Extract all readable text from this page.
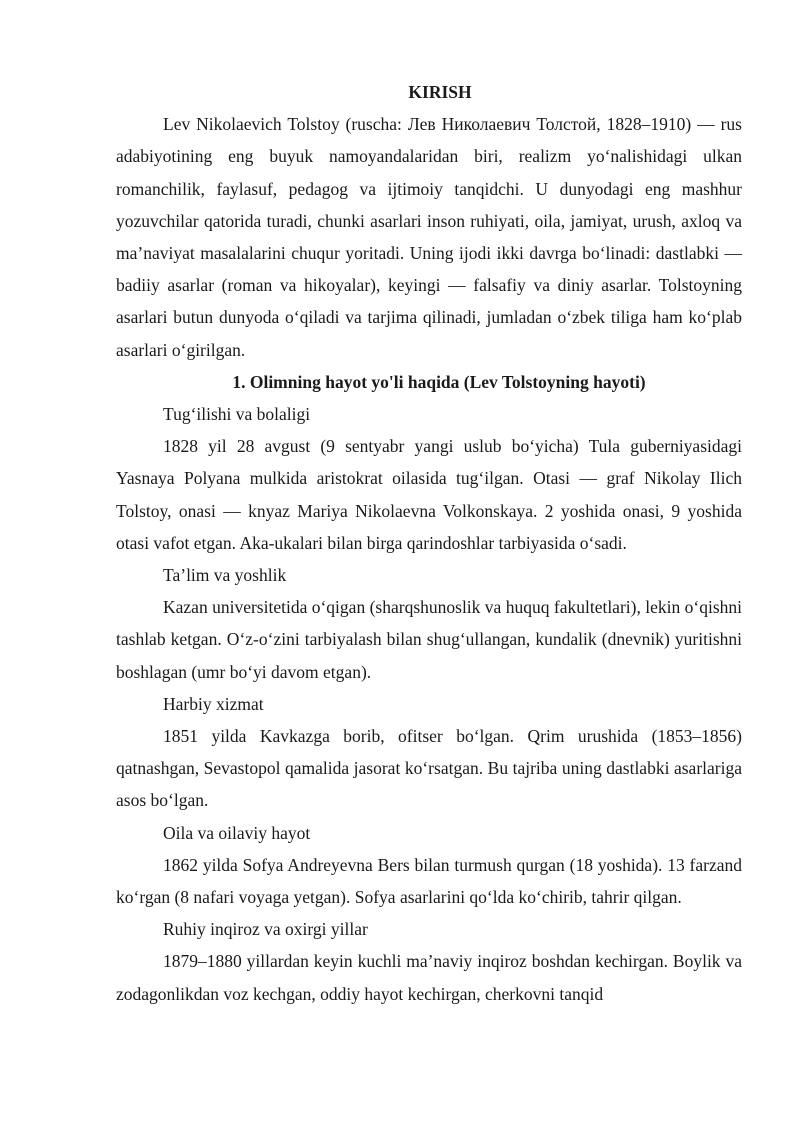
KIRISH

Lev Nikolaevich Tolstoy (ruscha: Лев Николаевич Толстой, 1828–1910) — rus adabiyotining eng buyuk namoyandalaridan biri, realizm yo‘nalishidagi ulkan romanchilik, faylasuf, pedagog va ijtimoiy tanqidchi. U dunyodagi eng mashhur yozuvchilar qatorida turadi, chunki asarlari inson ruhiyati, oila, jamiyat, urush, axloq va ma’naviyat masalalarini chuqur yoritadi. Uning ijodi ikki davrga bo‘linadi: dastlabki — badiiy asarlar (roman va hikoyalar), keyingi — falsafiy va diniy asarlar. Tolstoyning asarlari butun dunyoda o‘qiladi va tarjima qilinadi, jumladan o‘zbek tiliga ham ko‘plab asarlari o‘girilgan.

1. Olimning hayot yo'li haqida (Lev Tolstoyning hayoti)

Tug‘ilishi va bolaligi

1828 yil 28 avgust (9 sentyabr yangi uslub bo‘yicha) Tula guberniyasidagi Yasnaya Polyana mulkida aristokrat oilasida tug‘ilgan. Otasi — graf Nikolay Ilich Tolstoy, onasi — knyaz Mariya Nikolaevna Volkonskaya. 2 yoshida onasi, 9 yoshida otasi vafot etgan. Aka-ukalari bilan birga qarindoshlar tarbiyasida o‘sadi.

Ta’lim va yoshlik

Kazan universitetida o‘qigan (sharqshunoslik va huquq fakultetlari), lekin o‘qishni tashlab ketgan. O‘z-o‘zini tarbiyalash bilan shug‘ullangan, kundalik (dnevnik) yuritishni boshlagan (umr bo‘yi davom etgan).

Harbiy xizmat

1851 yilda Kavkazga borib, ofitser bo‘lgan. Qrim urushida (1853–1856) qatnashgan, Sevastopol qamalida jasorat ko‘rsatgan. Bu tajriba uning dastlabki asarlariga asos bo‘lgan.

Oila va oilaviy hayot

1862 yilda Sofya Andreyevna Bers bilan turmush qurgan (18 yoshida). 13 farzand ko‘rgan (8 nafari voyaga yetgan). Sofya asarlarini qo‘lda ko‘chirib, tahrir qilgan.

Ruhiy inqiroz va oxirgi yillar

1879–1880 yillardan keyin kuchli ma’naviy inqiroz boshdan kechirgan. Boylik va zodagonlikdan voz kechgan, oddiy hayot kechirgan, cherkovni tanqid
